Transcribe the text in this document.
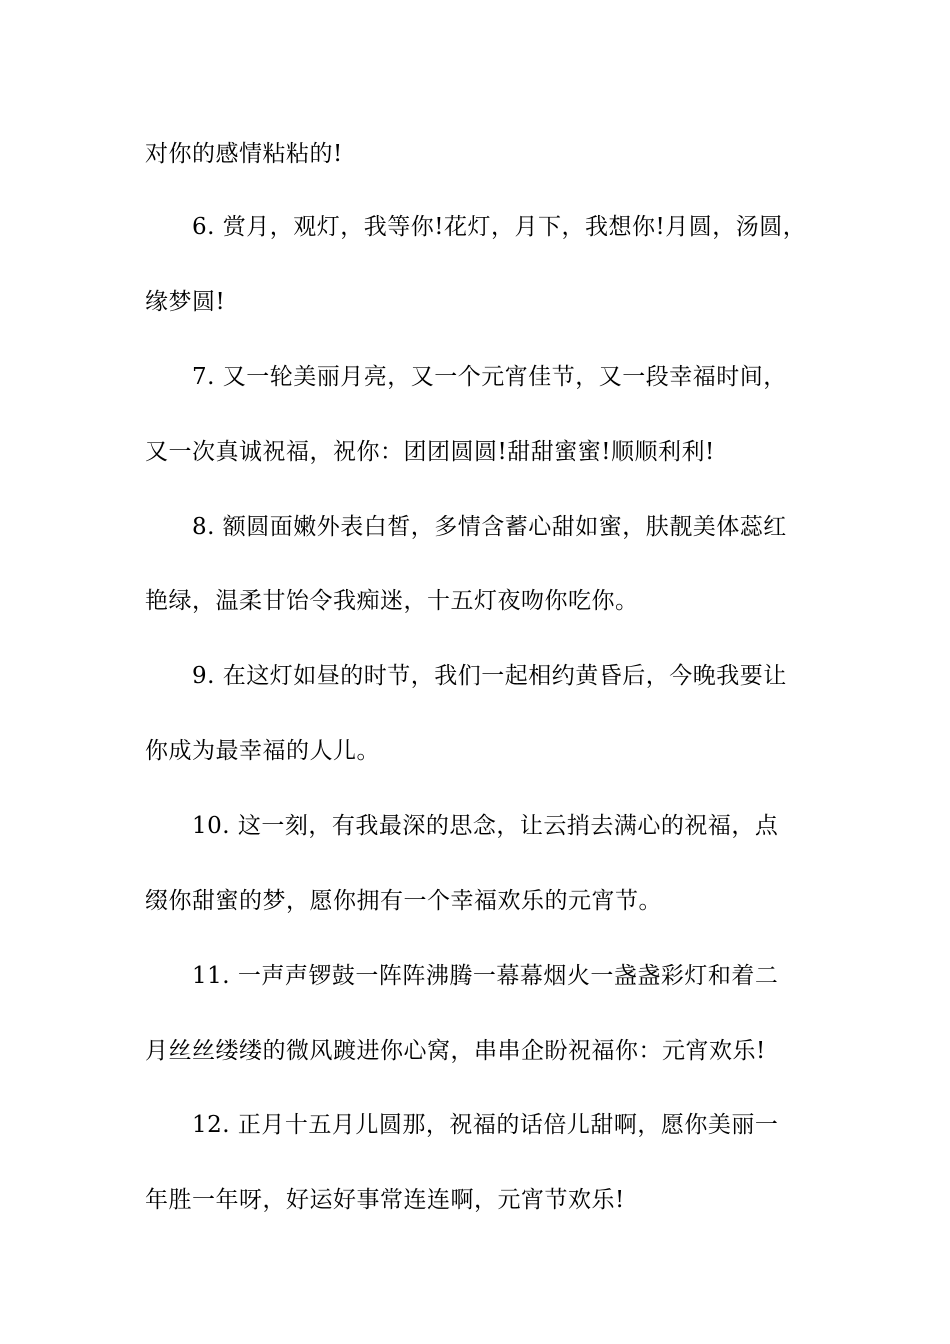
对你的感情粘粘的!
6. 赏月，观灯，我等你!花灯，月下，我想你!月圆，汤圆，
缘梦圆!
7. 又一轮美丽月亮，又一个元宵佳节，又一段幸福时间，
又一次真诚祝福，祝你：团团圆圆!甜甜蜜蜜!顺顺利利!
8. 额圆面嫩外表白皙，多情含蓄心甜如蜜，肤靓美体蕊红
艳绿，温柔甘饴令我痴迷，十五灯夜吻你吃你。
9. 在这灯如昼的时节，我们一起相约黄昏后，今晚我要让
你成为最幸福的人儿。
10. 这一刻，有我最深的思念，让云捎去满心的祝福，点
缀你甜蜜的梦，愿你拥有一个幸福欢乐的元宵节。
11. 一声声锣鼓一阵阵沸腾一幕幕烟火一盏盏彩灯和着二
月丝丝缕缕的微风踱进你心窝，串串企盼祝福你：元宵欢乐!
12. 正月十五月儿圆那，祝福的话倍儿甜啊，愿你美丽一
年胜一年呀，好运好事常连连啊，元宵节欢乐!
